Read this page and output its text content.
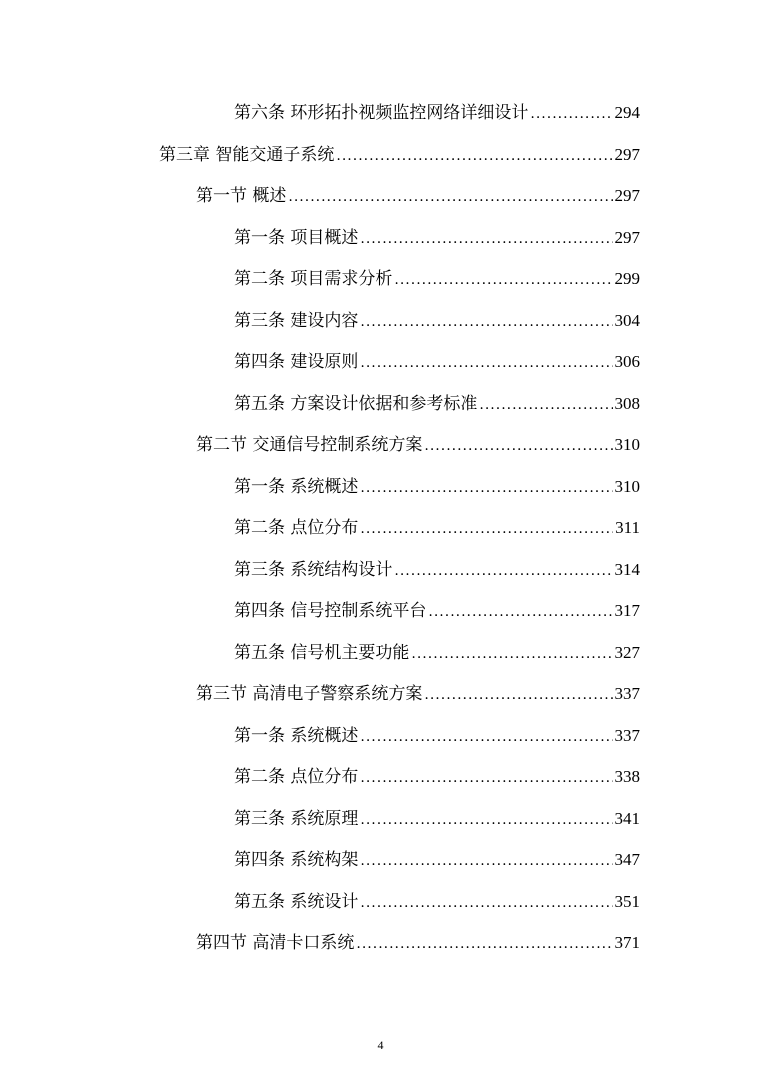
第六条 环形拓扑视频监控网络详细设计 .....	294
第三章 智能交通子系统 .....	297
第一节 概述 .....	297
第一条 项目概述 .....	297
第二条 项目需求分析 .....	299
第三条 建设内容 .....	304
第四条 建设原则 .....	306
第五条 方案设计依据和参考标准 .....	308
第二节 交通信号控制系统方案 .....	310
第一条 系统概述 .....	310
第二条 点位分布 .....	311
第三条 系统结构设计 .....	314
第四条 信号控制系统平台 .....	317
第五条 信号机主要功能 .....	327
第三节 高清电子警察系统方案 .....	337
第一条 系统概述 .....	337
第二条 点位分布 .....	338
第三条 系统原理 .....	341
第四条 系统构架 .....	347
第五条 系统设计 .....	351
第四节 高清卡口系统 .....	371
4
